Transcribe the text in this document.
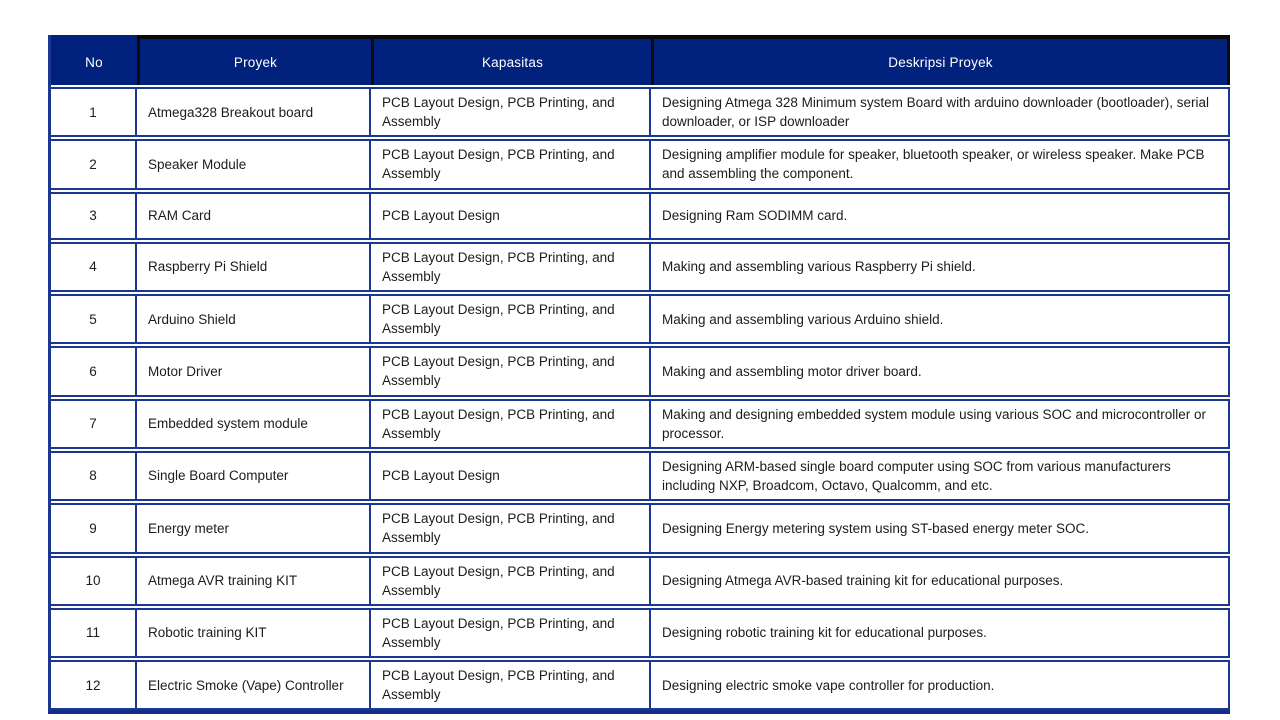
No	Proyek	Kapasitas	Deskripsi Proyek
1	Atmega328 Breakout board	PCB Layout Design, PCB Printing, and Assembly	Designing Atmega 328 Minimum system Board with arduino downloader (bootloader), serial downloader, or ISP downloader
2	Speaker Module	PCB Layout Design, PCB Printing, and Assembly	Designing amplifier module for speaker, bluetooth speaker, or wireless speaker. Make PCB and assembling the component.
3	RAM Card	PCB Layout Design	Designing Ram SODIMM card.
4	Raspberry Pi Shield	PCB Layout Design, PCB Printing, and Assembly	Making and assembling various Raspberry Pi shield.
5	Arduino Shield	PCB Layout Design, PCB Printing, and Assembly	Making and assembling various Arduino shield.
6	Motor Driver	PCB Layout Design, PCB Printing, and Assembly	Making and assembling motor driver board.
7	Embedded system module	PCB Layout Design, PCB Printing, and Assembly	Making and designing embedded system module using various SOC and microcontroller or processor.
8	Single Board Computer	PCB Layout Design	Designing ARM-based single board computer using SOC from various manufacturers including NXP, Broadcom, Octavo, Qualcomm, and etc.
9	Energy meter	PCB Layout Design, PCB Printing, and Assembly	Designing Energy metering system using ST-based energy meter SOC.
10	Atmega AVR training KIT	PCB Layout Design, PCB Printing, and Assembly	Designing Atmega AVR-based training kit for educational purposes.
11	Robotic training KIT	PCB Layout Design, PCB Printing, and Assembly	Designing robotic training kit for educational purposes.
12	Electric Smoke (Vape) Controller	PCB Layout Design, PCB Printing, and Assembly	Designing electric smoke vape controller for production.
